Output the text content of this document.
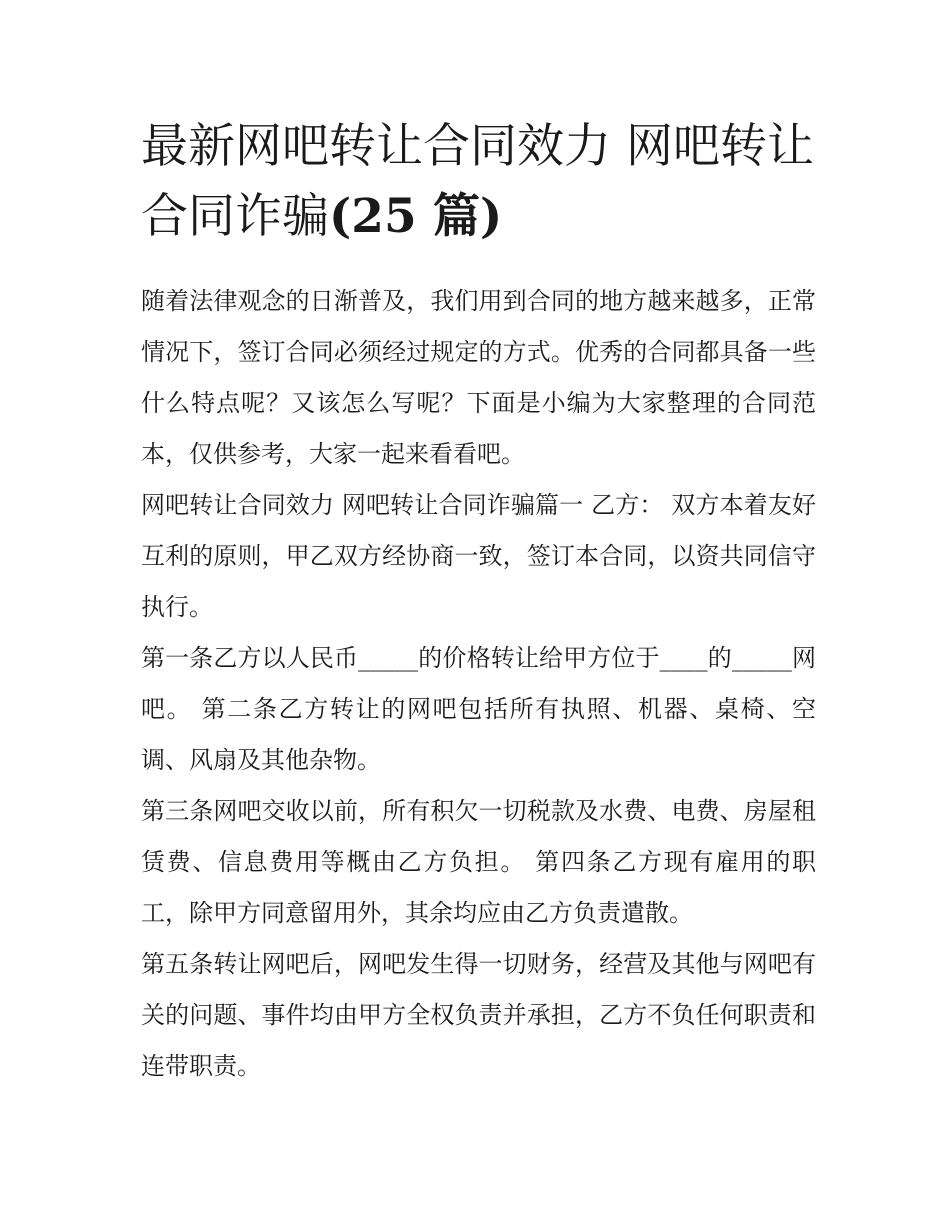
最新网吧转让合同效力 网吧转让合同诈骗(25 篇)

随着法律观念的日渐普及，我们用到合同的地方越来越多，正常情况下，签订合同必须经过规定的方式。优秀的合同都具备一些什么特点呢？又该怎么写呢？下面是小编为大家整理的合同范本，仅供参考，大家一起来看看吧。

网吧转让合同效力 网吧转让合同诈骗篇一 乙方： 双方本着友好互利的原则，甲乙双方经协商一致，签订本合同，以资共同信守执行。

第一条乙方以人民币_____的价格转让给甲方位于____的_____网吧。 第二条乙方转让的网吧包括所有执照、机器、桌椅、空调、风扇及其他杂物。

第三条网吧交收以前，所有积欠一切税款及水费、电费、房屋租赁费、信息费用等概由乙方负担。 第四条乙方现有雇用的职工，除甲方同意留用外，其余均应由乙方负责遣散。

第五条转让网吧后，网吧发生得一切财务，经营及其他与网吧有关的问题、事件均由甲方全权负责并承担，乙方不负任何职责和连带职责。
